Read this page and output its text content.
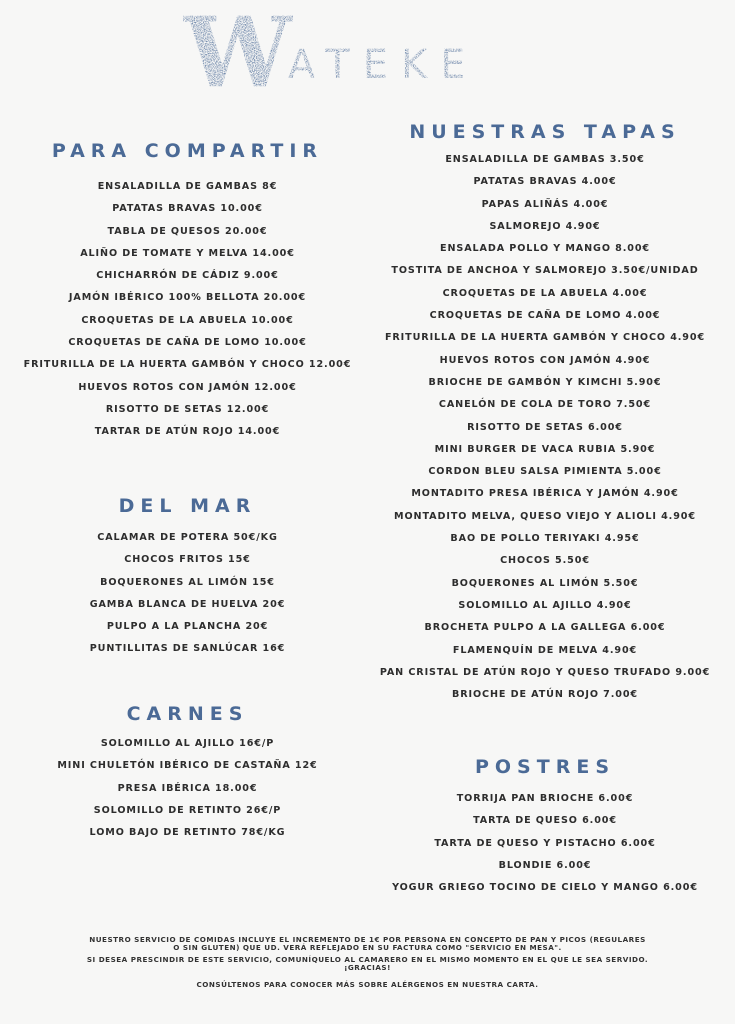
W
ATEKE
PARA COMPARTIR
ENSALADILLA DE GAMBAS 8€
PATATAS BRAVAS 10.00€
TABLA DE QUESOS 20.00€
ALIÑO DE TOMATE Y MELVA 14.00€
CHICHARRÓN DE CÁDIZ 9.00€
JAMÓN IBÉRICO 100% BELLOTA 20.00€
CROQUETAS DE LA ABUELA 10.00€
CROQUETAS DE CAÑA DE LOMO 10.00€
FRITURILLA DE LA HUERTA GAMBÓN Y CHOCO 12.00€
HUEVOS ROTOS CON JAMÓN 12.00€
RISOTTO DE SETAS 12.00€
TARTAR DE ATÚN ROJO 14.00€
DEL MAR
CALAMAR DE POTERA 50€/KG
CHOCOS FRITOS 15€
BOQUERONES AL LIMÓN 15€
GAMBA BLANCA DE HUELVA 20€
PULPO A LA PLANCHA 20€
PUNTILLITAS DE SANLÚCAR 16€
CARNES
SOLOMILLO AL AJILLO 16€/P
MINI CHULETÓN IBÉRICO DE CASTAÑA 12€
PRESA IBÉRICA 18.00€
SOLOMILLO DE RETINTO 26€/P
LOMO BAJO DE RETINTO 78€/KG
NUESTRAS TAPAS
ENSALADILLA DE GAMBAS 3.50€
PATATAS BRAVAS 4.00€
PAPAS ALIÑÁS 4.00€
SALMOREJO 4.90€
ENSALADA POLLO Y MANGO 8.00€
TOSTITA DE ANCHOA Y SALMOREJO 3.50€/UNIDAD
CROQUETAS DE LA ABUELA 4.00€
CROQUETAS DE CAÑA DE LOMO 4.00€
FRITURILLA DE LA HUERTA GAMBÓN Y CHOCO 4.90€
HUEVOS ROTOS CON JAMÓN 4.90€
BRIOCHE DE GAMBÓN Y KIMCHI 5.90€
CANELÓN DE COLA DE TORO 7.50€
RISOTTO DE SETAS 6.00€
MINI BURGER DE VACA RUBIA 5.90€
CORDON BLEU SALSA PIMIENTA 5.00€
MONTADITO PRESA IBÉRICA Y JAMÓN 4.90€
MONTADITO MELVA, QUESO VIEJO Y ALIOLI 4.90€
BAO DE POLLO TERIYAKI 4.95€
CHOCOS 5.50€
BOQUERONES AL LIMÓN 5.50€
SOLOMILLO AL AJILLO 4.90€
BROCHETA PULPO A LA GALLEGA 6.00€
FLAMENQUÍN DE MELVA 4.90€
PAN CRISTAL DE ATÚN ROJO Y QUESO TRUFADO 9.00€
BRIOCHE DE ATÚN ROJO 7.00€
POSTRES
TORRIJA PAN BRIOCHE 6.00€
TARTA DE QUESO 6.00€
TARTA DE QUESO Y PISTACHO 6.00€
BLONDIE 6.00€
YOGUR GRIEGO TOCINO DE CIELO Y MANGO 6.00€

NUESTRO SERVICIO DE COMIDAS INCLUYE EL INCREMENTO DE 1€ POR PERSONA EN CONCEPTO DE PAN Y PICOS (REGULARES

O SIN GLUTEN) QUE UD. VERÁ REFLEJADO EN SU FACTURA COMO "SERVICIO EN MESA".

SI DESEA PRESCINDIR DE ESTE SERVICIO, COMUNÍQUELO AL CAMARERO EN EL MISMO MOMENTO EN EL QUE LE SEA SERVIDO.

¡GRACIAS!

CONSÚLTENOS PARA CONOCER MÁS SOBRE ALÉRGENOS EN NUESTRA CARTA.
